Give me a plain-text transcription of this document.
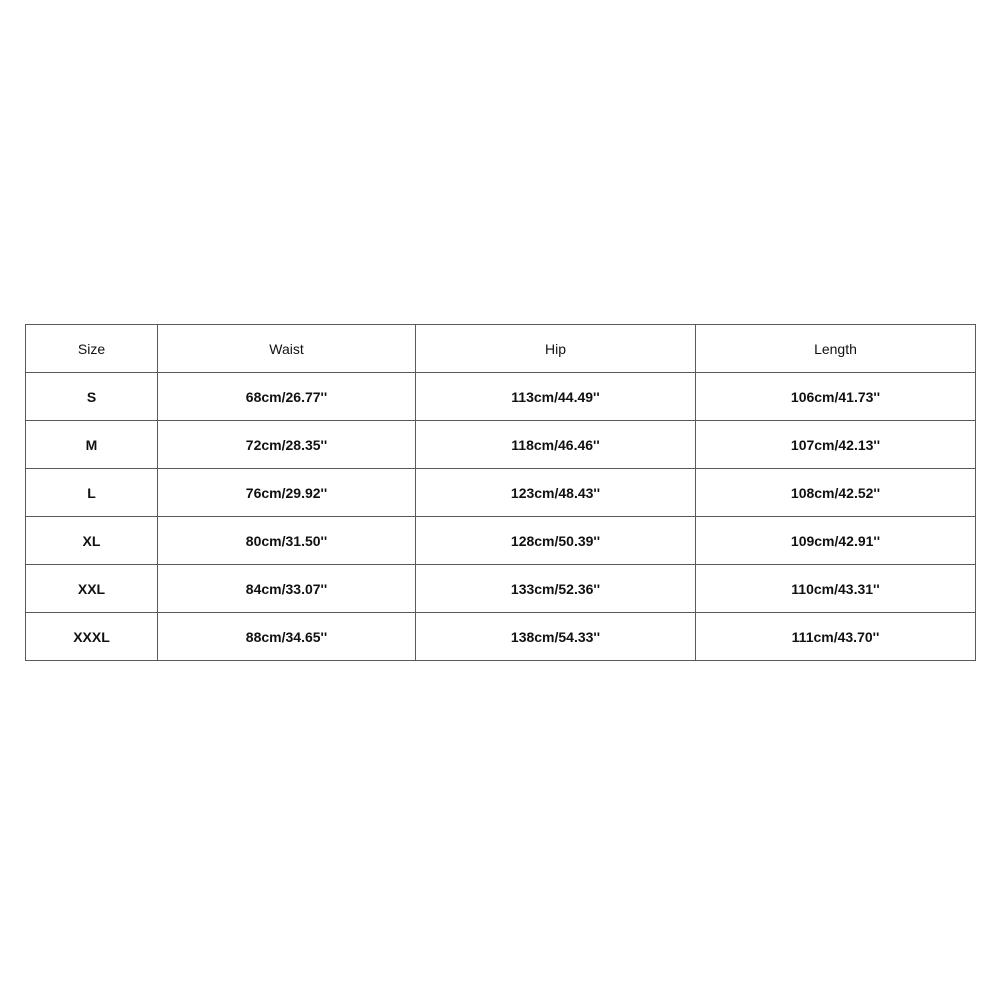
Size	Waist	Hip	Length
S	68cm/26.77''	113cm/44.49''	106cm/41.73''
M	72cm/28.35''	118cm/46.46''	107cm/42.13''
L	76cm/29.92''	123cm/48.43''	108cm/42.52''
XL	80cm/31.50''	128cm/50.39''	109cm/42.91''
XXL	84cm/33.07''	133cm/52.36''	110cm/43.31''
XXXL	88cm/34.65''	138cm/54.33''	111cm/43.70''
